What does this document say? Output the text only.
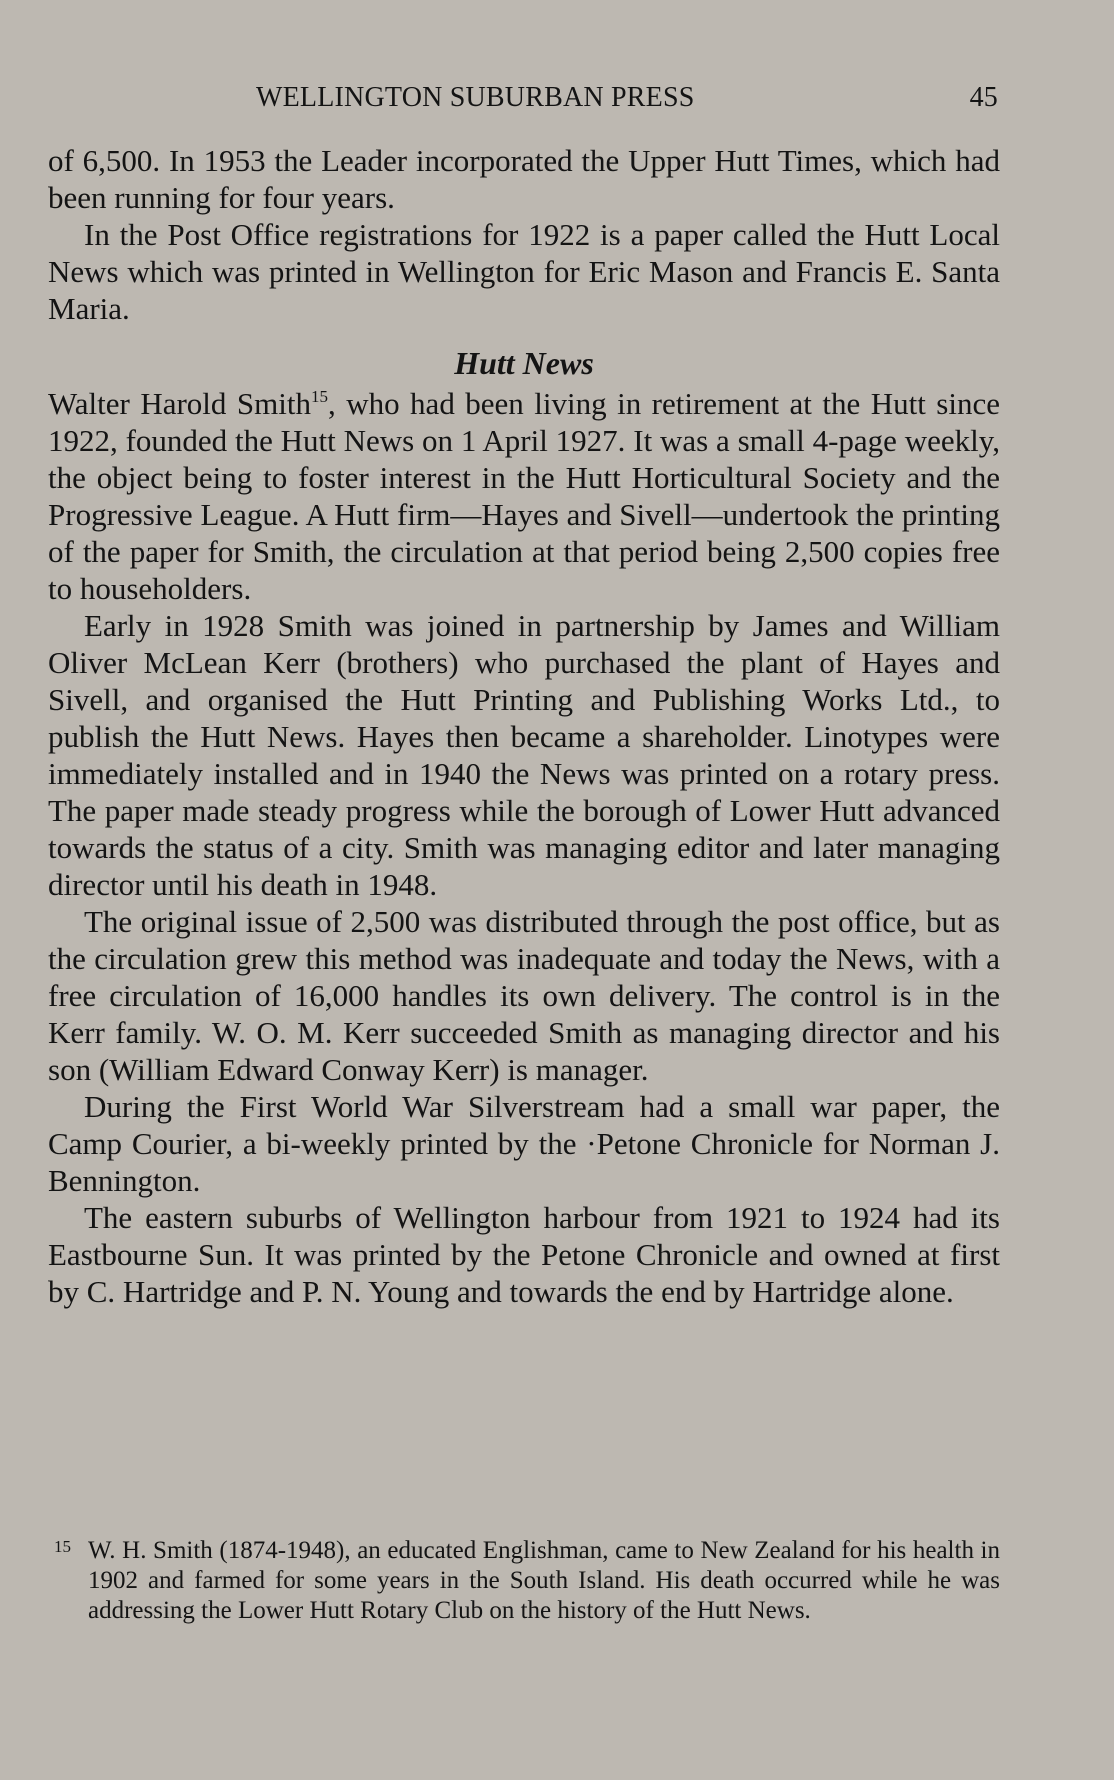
WELLINGTON SUBURBAN PRESS	45

of 6,500. In 1953 the Leader incorporated the Upper Hutt Times, which had been running for four years.

In the Post Office registrations for 1922 is a paper called the Hutt Local News which was printed in Wellington for Eric Mason and Francis E. Santa Maria.

Hutt News

Walter Harold Smith$^{15}$, who had been living in retirement at the Hutt since 1922, founded the Hutt News on 1 April 1927. It was a small 4-page weekly, the object being to foster interest in the Hutt Horticultural Society and the Progressive League. A Hutt firm—Hayes and Sivell—undertook the printing of the paper for Smith, the circulation at that period being 2,500 copies free to householders.

Early in 1928 Smith was joined in partnership by James and William Oliver McLean Kerr (brothers) who purchased the plant of Hayes and Sivell, and organised the Hutt Printing and Publishing Works Ltd., to publish the Hutt News. Hayes then became a shareholder. Linotypes were immediately installed and in 1940 the News was printed on a rotary press. The paper made steady progress while the borough of Lower Hutt advanced towards the status of a city. Smith was managing editor and later managing director until his death in 1948.

The original issue of 2,500 was distributed through the post office, but as the circulation grew this method was inadequate and today the News, with a free circulation of 16,000 handles its own delivery. The control is in the Kerr family. W. O. M. Kerr succeeded Smith as managing director and his son (William Edward Conway Kerr) is manager.

During the First World War Silverstream had a small war paper, the Camp Courier, a bi-weekly printed by the ·Petone Chronicle for Norman J. Bennington.

The eastern suburbs of Wellington harbour from 1921 to 1924 had its Eastbourne Sun. It was printed by the Petone Chronicle and owned at first by C. Hartridge and P. N. Young and towards the end by Hartridge alone.

15 W. H. Smith (1874-1948), an educated Englishman, came to New Zealand for his health in 1902 and farmed for some years in the South Island. His death occurred while he was addressing the Lower Hutt Rotary Club on the history of the Hutt News.
